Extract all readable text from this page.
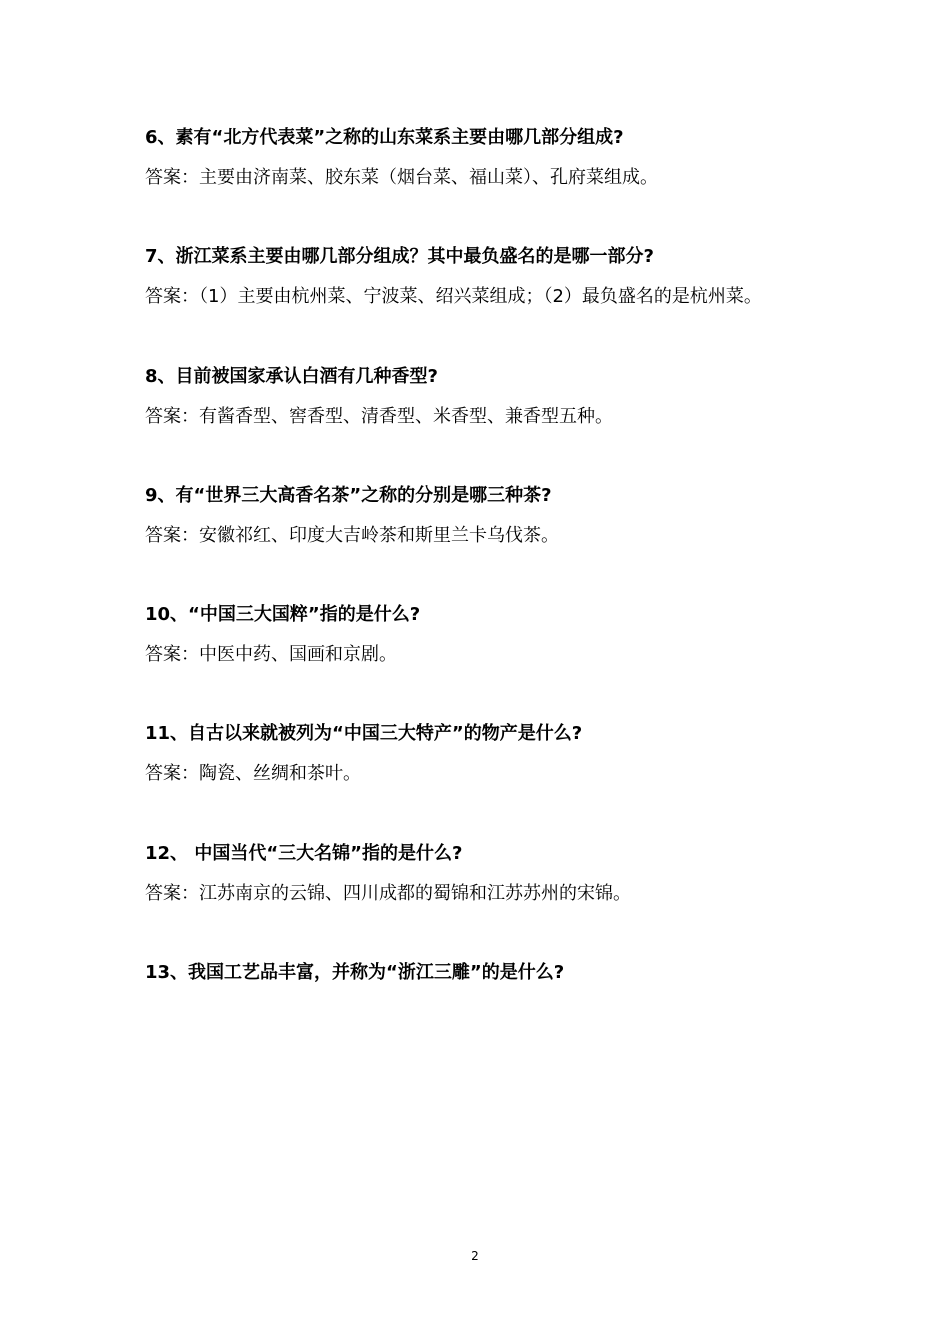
6、素有“北方代表菜”之称的山东菜系主要由哪几部分组成?

答案：主要由济南菜、胶东菜（烟台菜、福山菜）、孔府菜组成。

7、浙江菜系主要由哪几部分组成？其中最负盛名的是哪一部分?

答案：（1）主要由杭州菜、宁波菜、绍兴菜组成；（2）最负盛名的是杭州菜。

8、目前被国家承认白酒有几种香型?

答案：有酱香型、窖香型、清香型、米香型、兼香型五种。

9、有“世界三大高香名茶”之称的分别是哪三种茶?

答案：安徽祁红、印度大吉岭茶和斯里兰卡乌伐茶。

10、“中国三大国粹”指的是什么?

答案：中医中药、国画和京剧。

11、自古以来就被列为“中国三大特产”的物产是什么?

答案：陶瓷、丝绸和茶叶。

12、 中国当代“三大名锦”指的是什么?

答案：江苏南京的云锦、四川成都的蜀锦和江苏苏州的宋锦。

13、我国工艺品丰富，并称为“浙江三雕”的是什么?

2
